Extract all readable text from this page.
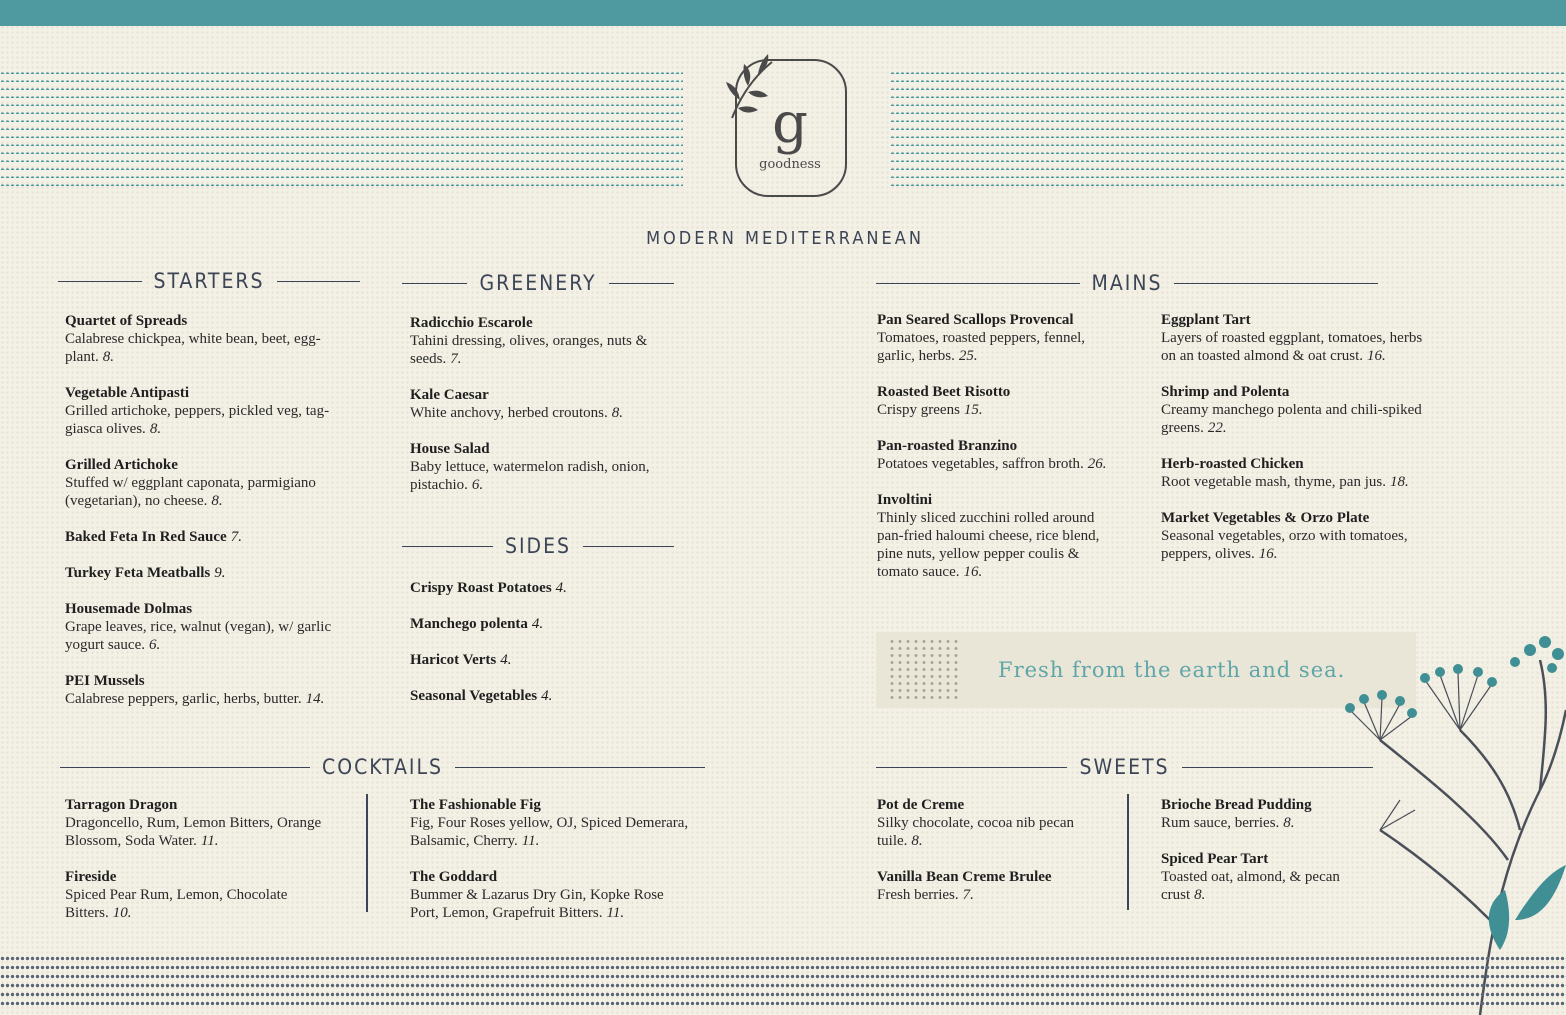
g
goodness
MODERN MEDITERRANEAN
STARTERS	GREENERY
SIDES
MAINS
COCKTAILS	SWEETS
Quartet of Spreads
Calabrese chickpea, white bean, beet, egg-plant. 8.
Vegetable Antipasti
Grilled artichoke, peppers, pickled veg, tag-giasca olives. 8.
Grilled Artichoke
Stuffed w/ eggplant caponata, parmigiano (vegetarian), no cheese. 8.
Baked Feta In Red Sauce 7.
Turkey Feta Meatballs 9.
Housemade Dolmas
Grape leaves, rice, walnut (vegan), w/ garlic yogurt sauce. 6.
PEI Mussels
Calabrese peppers, garlic, herbs, butter. 14.
Radicchio Escarole
Tahini dressing, olives, oranges, nuts & seeds. 7.
Kale Caesar
White anchovy, herbed croutons. 8.
House Salad
Baby lettuce, watermelon radish, onion, pistachio. 6.
Crispy Roast Potatoes 4.
Manchego polenta 4.
Haricot Verts 4.
Seasonal Vegetables 4.
Pan Seared Scallops Provencal
Tomatoes, roasted peppers, fennel, garlic, herbs. 25.
Roasted Beet Risotto
Crispy greens 15.
Pan-roasted Branzino
Potatoes vegetables, saffron broth. 26.
Involtini
Thinly sliced zucchini rolled around pan-fried haloumi cheese, rice blend, pine nuts, yellow pepper coulis & tomato sauce. 16.
Eggplant Tart
Layers of roasted eggplant, tomatoes, herbs on an toasted almond & oat crust. 16.
Shrimp and Polenta
Creamy manchego polenta and chili-spiked greens. 22.
Herb-roasted Chicken
Root vegetable mash, thyme, pan jus. 18.
Market Vegetables & Orzo Plate
Seasonal vegetables, orzo with tomatoes, peppers, olives. 16.
Tarragon Dragon
Dragoncello, Rum, Lemon Bitters, Orange Blossom, Soda Water. 11.
Fireside
Spiced Pear Rum, Lemon, Chocolate Bitters. 10.
The Fashionable Fig
Fig, Four Roses yellow, OJ, Spiced Demerara, Balsamic, Cherry. 11.
The Goddard
Bummer & Lazarus Dry Gin, Kopke Rose Port, Lemon, Grapefruit Bitters. 11.
Pot de Creme
Silky chocolate, cocoa nib pecan tuile. 8.
Vanilla Bean Creme Brulee
Fresh berries. 7.
Brioche Bread Pudding
Rum sauce, berries. 8.
Spiced Pear Tart
Toasted oat, almond, & pecan crust 8.
Fresh from the earth and sea.
